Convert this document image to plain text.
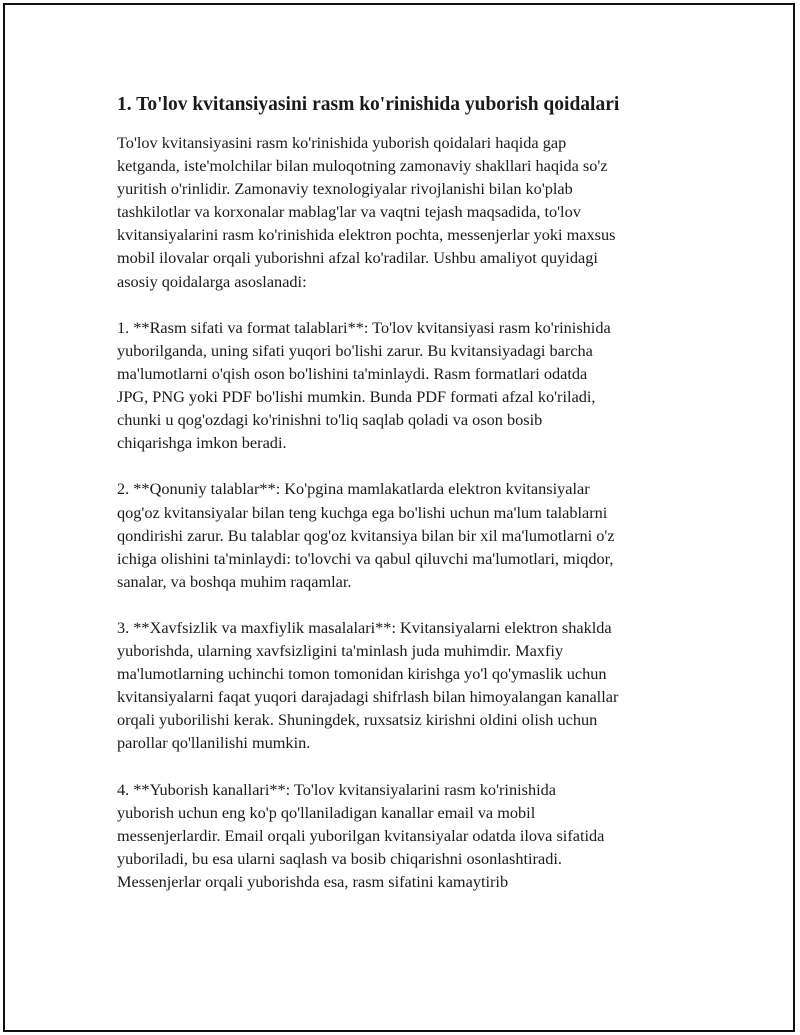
1. To'lov kvitansiyasini rasm ko'rinishida yuborish qoidalari

To'lov kvitansiyasini rasm ko'rinishida yuborish qoidalari haqida gap
ketganda, iste'molchilar bilan muloqotning zamonaviy shakllari haqida so'z
yuritish o'rinlidir. Zamonaviy texnologiyalar rivojlanishi bilan ko'plab
tashkilotlar va korxonalar mablag'lar va vaqtni tejash maqsadida, to'lov
kvitansiyalarini rasm ko'rinishida elektron pochta, messenjerlar yoki maxsus
mobil ilovalar orqali yuborishni afzal ko'radilar. Ushbu amaliyot quyidagi
asosiy qoidalarga asoslanadi:

1. **Rasm sifati va format talablari**: To'lov kvitansiyasi rasm ko'rinishida
yuborilganda, uning sifati yuqori bo'lishi zarur. Bu kvitansiyadagi barcha
ma'lumotlarni o'qish oson bo'lishini ta'minlaydi. Rasm formatlari odatda
JPG, PNG yoki PDF bo'lishi mumkin. Bunda PDF formati afzal ko'riladi,
chunki u qog'ozdagi ko'rinishni to'liq saqlab qoladi va oson bosib
chiqarishga imkon beradi.

2. **Qonuniy talablar**: Ko'pgina mamlakatlarda elektron kvitansiyalar
qog'oz kvitansiyalar bilan teng kuchga ega bo'lishi uchun ma'lum talablarni
qondirishi zarur. Bu talablar qog'oz kvitansiya bilan bir xil ma'lumotlarni o'z
ichiga olishini ta'minlaydi: to'lovchi va qabul qiluvchi ma'lumotlari, miqdor,
sanalar, va boshqa muhim raqamlar.

3. **Xavfsizlik va maxfiylik masalalari**: Kvitansiyalarni elektron shaklda
yuborishda, ularning xavfsizligini ta'minlash juda muhimdir. Maxfiy
ma'lumotlarning uchinchi tomon tomonidan kirishga yo'l qo'ymaslik uchun
kvitansiyalarni faqat yuqori darajadagi shifrlash bilan himoyalangan kanallar
orqali yuborilishi kerak. Shuningdek, ruxsatsiz kirishni oldini olish uchun
parollar qo'llanilishi mumkin.

4. **Yuborish kanallari**: To'lov kvitansiyalarini rasm ko'rinishida
yuborish uchun eng ko'p qo'llaniladigan kanallar email va mobil
messenjerlardir. Email orqali yuborilgan kvitansiyalar odatda ilova sifatida
yuboriladi, bu esa ularni saqlash va bosib chiqarishni osonlashtiradi.
Messenjerlar orqali yuborishda esa, rasm sifatini kamaytirib
